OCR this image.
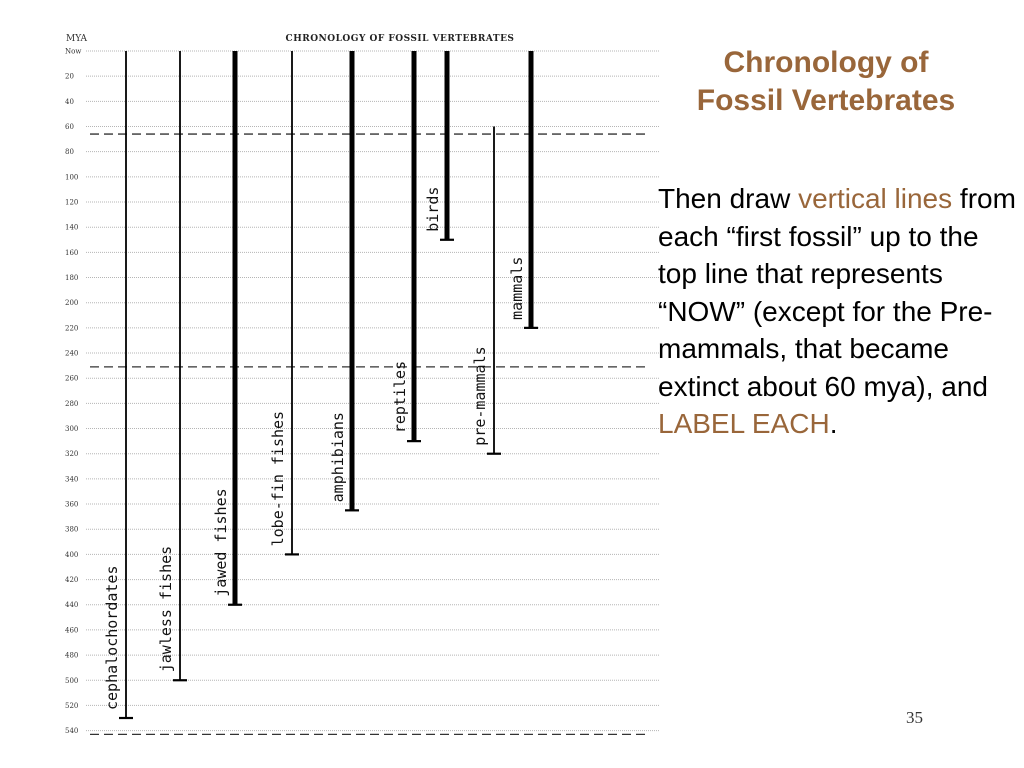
CHRONOLOGY OF FOSSIL VERTEBRATES
MYA
Now
20
40
60
80
100
120
140
160
180
200
220
240
260
280
300
320
340
360
380
400
420
440
460
480
500
520
540
cephalochordates jawless fishes
jawed fishes	lobe-fin fishes	amphibians
reptiles
birds
pre-mammals
mammals
Chronology of
Fossil Vertebrates
Then draw vertical lines from each “first fossil” up to the top line that represents “NOW” (except for the Pre-mammals, that became extinct about 60 mya), and LABEL EACH.
35
